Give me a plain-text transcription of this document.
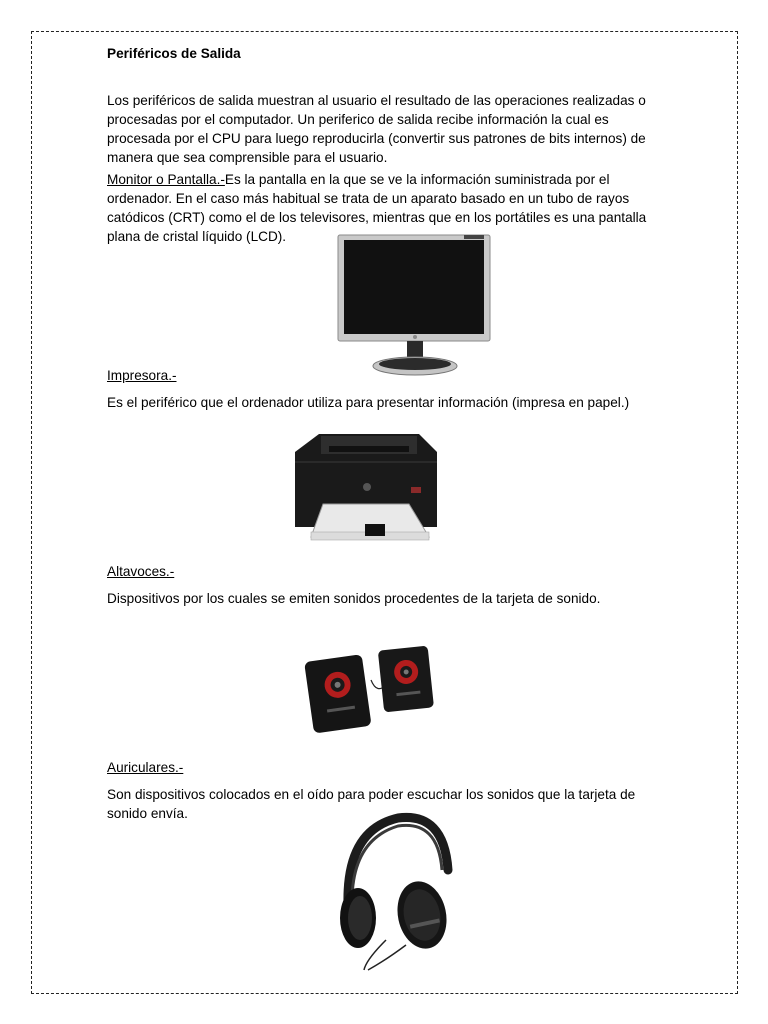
Periféricos de Salida

Los periféricos de salida muestran al usuario el resultado de las operaciones realizadas o procesadas por el computador. Un periferico de salida recibe información la cual es procesada por el CPU para luego reproducirla (convertir sus patrones de bits internos) de manera que sea comprensible para el usuario.

Monitor o Pantalla.-Es la pantalla en la que se ve la información suministrada por el ordenador. En el caso más habitual se trata de un aparato basado en un tubo de rayos catódicos (CRT) como el de los televisores, mientras que en los portátiles es una pantalla plana de cristal líquido (LCD).

Impresora.-

Es el periférico que el ordenador utiliza para presentar información (impresa en papel.)

Altavoces.-

Dispositivos por los cuales se emiten sonidos procedentes de la tarjeta de sonido.

Auriculares.-

Son dispositivos colocados en el oído para poder escuchar los sonidos que la tarjeta de sonido envía.
